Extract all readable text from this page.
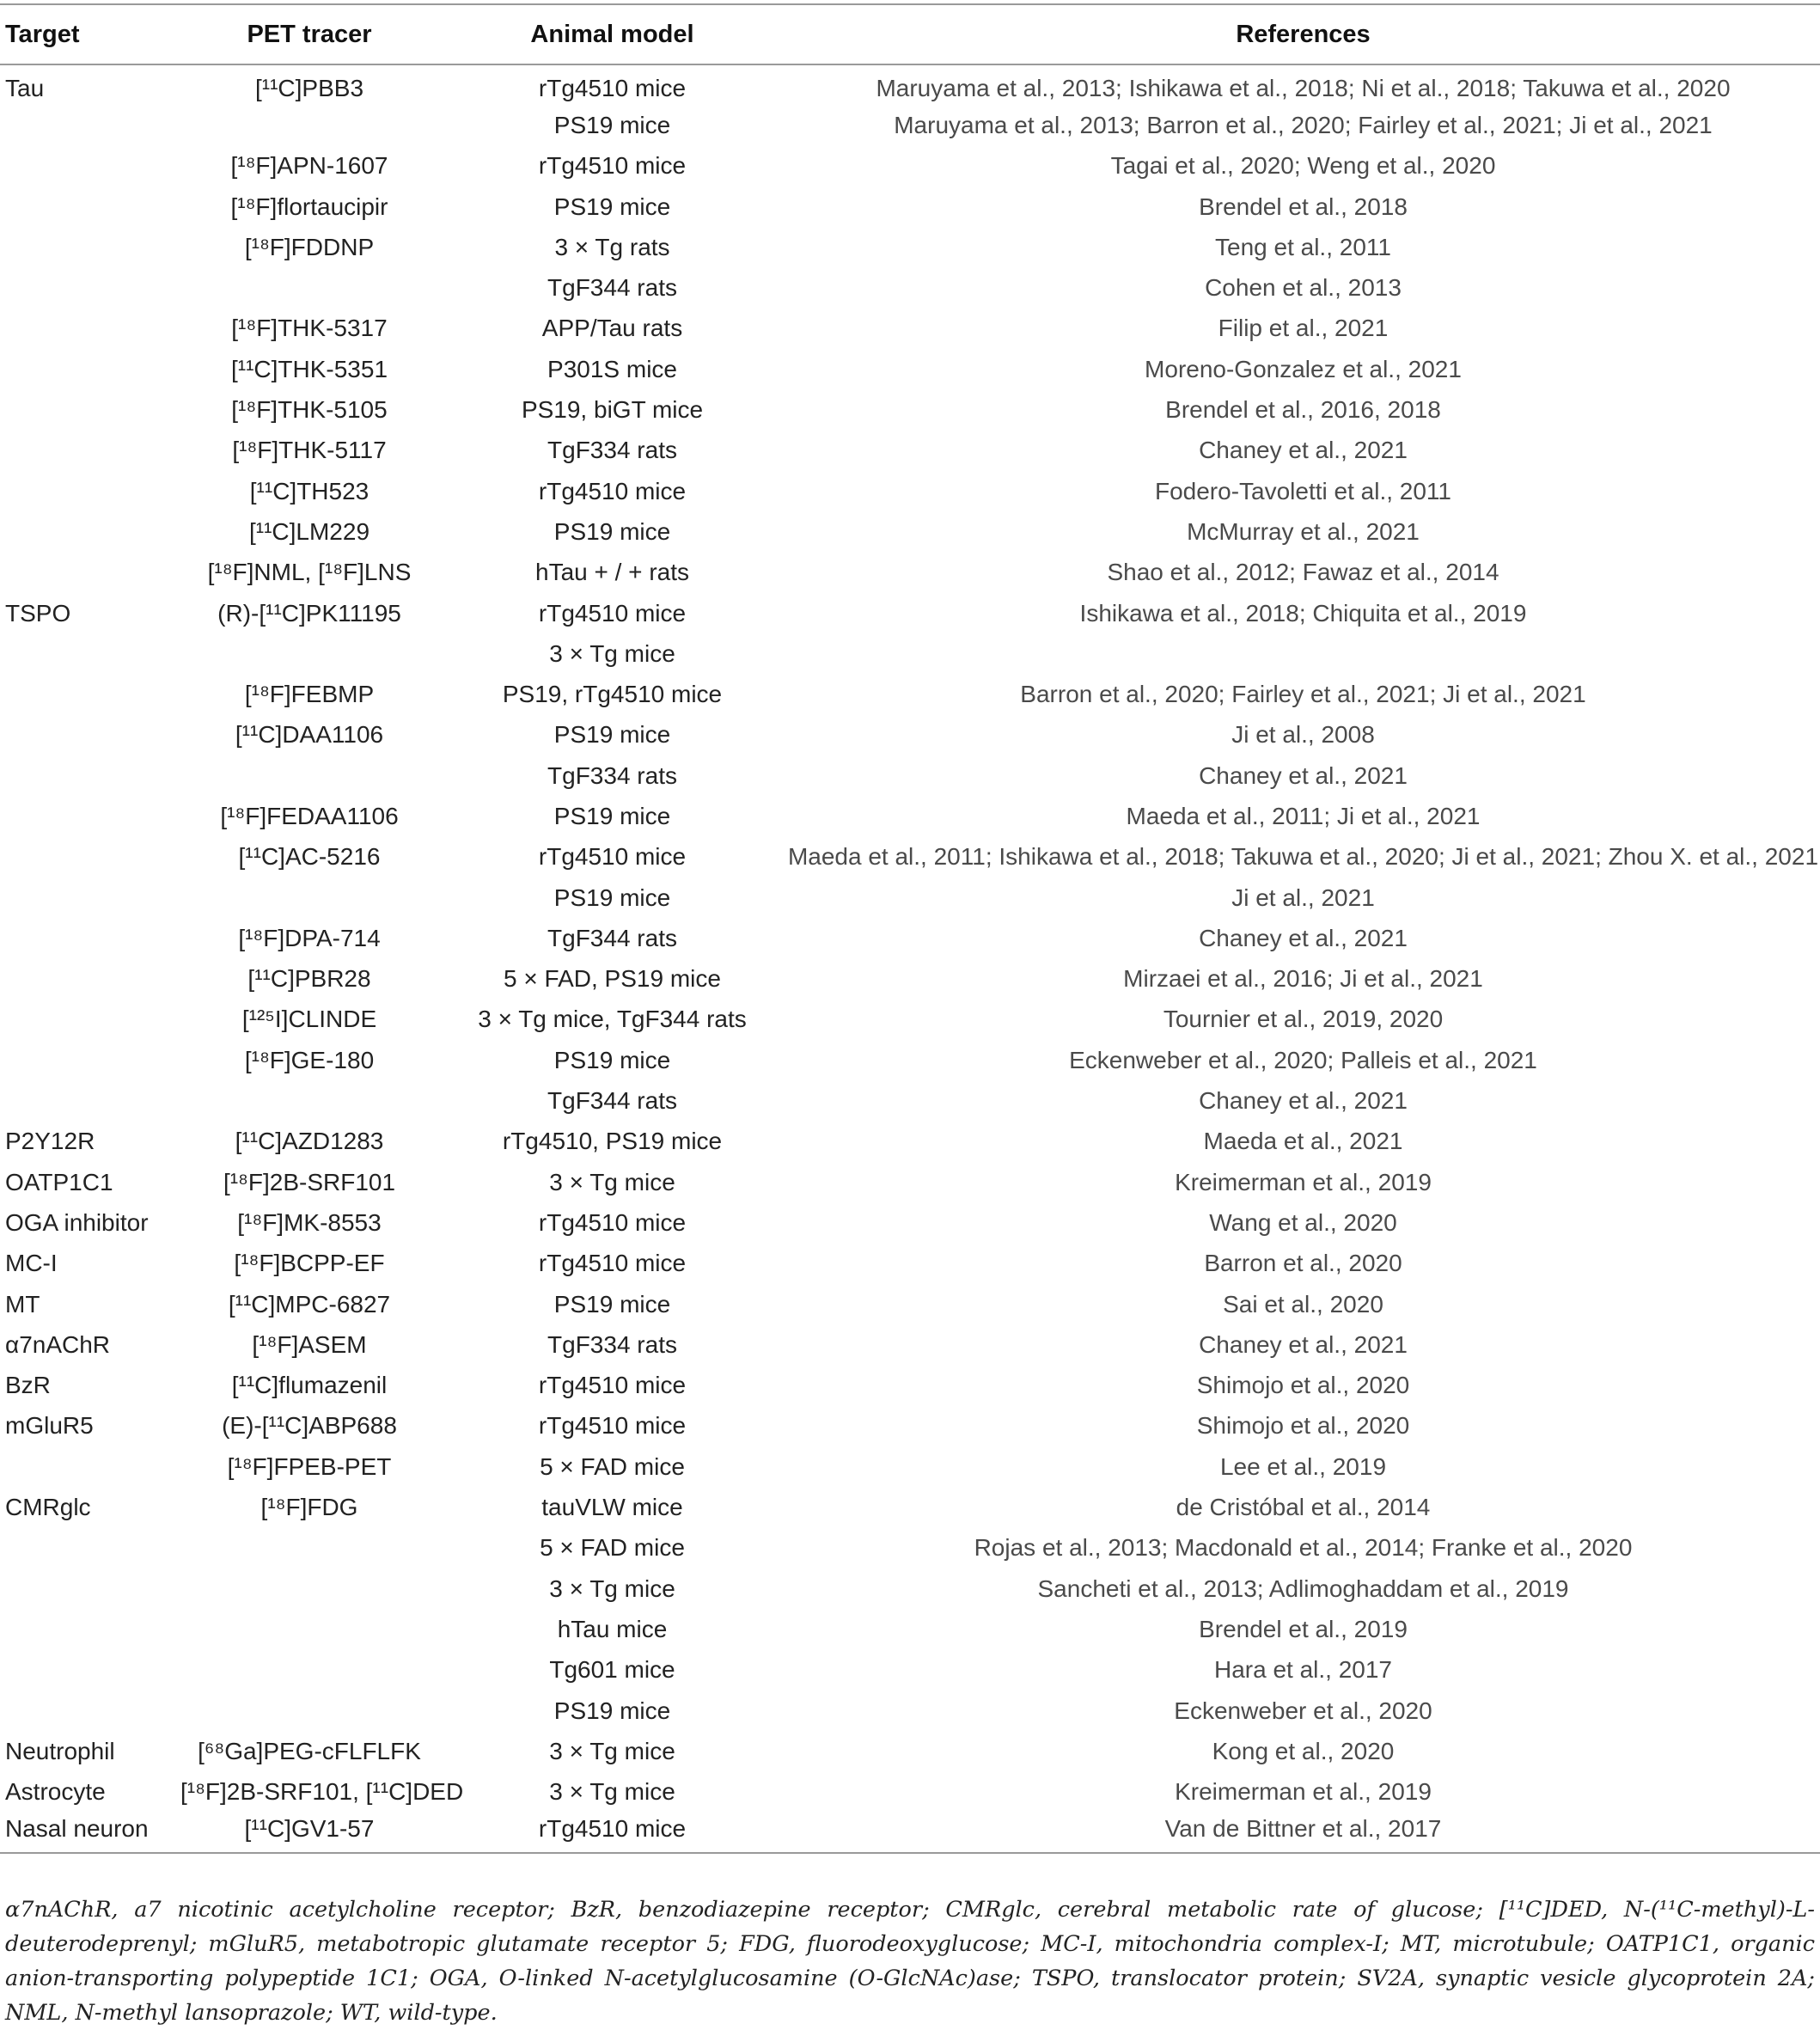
Target	PET tracer	Animal model	References
Tau	[¹¹C]PBB3	rTg4510 mice	Maruyama et al., 2013; Ishikawa et al., 2018; Ni et al., 2018; Takuwa et al., 2020
		PS19 mice	Maruyama et al., 2013; Barron et al., 2020; Fairley et al., 2021; Ji et al., 2021
	[¹⁸F]APN-1607	rTg4510 mice	Tagai et al., 2020; Weng et al., 2020
	[¹⁸F]flortaucipir	PS19 mice	Brendel et al., 2018
	[¹⁸F]FDDNP	3 × Tg rats	Teng et al., 2011
		TgF344 rats	Cohen et al., 2013
	[¹⁸F]THK-5317	APP/Tau rats	Filip et al., 2021
	[¹¹C]THK-5351	P301S mice	Moreno-Gonzalez et al., 2021
	[¹⁸F]THK-5105	PS19, biGT mice	Brendel et al., 2016, 2018
	[¹⁸F]THK-5117	TgF334 rats	Chaney et al., 2021
	[¹¹C]TH523	rTg4510 mice	Fodero-Tavoletti et al., 2011
	[¹¹C]LM229	PS19 mice	McMurray et al., 2021
	[¹⁸F]NML, [¹⁸F]LNS	hTau + / + rats	Shao et al., 2012; Fawaz et al., 2014
TSPO	(R)-[¹¹C]PK11195	rTg4510 mice	Ishikawa et al., 2018; Chiquita et al., 2019
		3 × Tg mice	
	[¹⁸F]FEBMP	PS19, rTg4510 mice	Barron et al., 2020; Fairley et al., 2021; Ji et al., 2021
	[¹¹C]DAA1106	PS19 mice	Ji et al., 2008
		TgF334 rats	Chaney et al., 2021
	[¹⁸F]FEDAA1106	PS19 mice	Maeda et al., 2011; Ji et al., 2021
	[¹¹C]AC-5216	rTg4510 mice	Maeda et al., 2011; Ishikawa et al., 2018; Takuwa et al., 2020; Ji et al., 2021; Zhou X. et al., 2021
		PS19 mice	Ji et al., 2021
	[¹⁸F]DPA-714	TgF344 rats	Chaney et al., 2021
	[¹¹C]PBR28	5 × FAD, PS19 mice	Mirzaei et al., 2016; Ji et al., 2021
	[¹²⁵I]CLINDE	3 × Tg mice, TgF344 rats	Tournier et al., 2019, 2020
	[¹⁸F]GE-180	PS19 mice	Eckenweber et al., 2020; Palleis et al., 2021
		TgF344 rats	Chaney et al., 2021
P2Y12R	[¹¹C]AZD1283	rTg4510, PS19 mice	Maeda et al., 2021
OATP1C1	[¹⁸F]2B-SRF101	3 × Tg mice	Kreimerman et al., 2019
OGA inhibitor	[¹⁸F]MK-8553	rTg4510 mice	Wang et al., 2020
MC-I	[¹⁸F]BCPP-EF	rTg4510 mice	Barron et al., 2020
MT	[¹¹C]MPC-6827	PS19 mice	Sai et al., 2020
α7nAChR	[¹⁸F]ASEM	TgF334 rats	Chaney et al., 2021
BzR	[¹¹C]flumazenil	rTg4510 mice	Shimojo et al., 2020
mGluR5	(E)-[¹¹C]ABP688	rTg4510 mice	Shimojo et al., 2020
	[¹⁸F]FPEB-PET	5 × FAD mice	Lee et al., 2019
CMRglc	[¹⁸F]FDG	tauVLW mice	de Cristóbal et al., 2014
		5 × FAD mice	Rojas et al., 2013; Macdonald et al., 2014; Franke et al., 2020
		3 × Tg mice	Sancheti et al., 2013; Adlimoghaddam et al., 2019
		hTau mice	Brendel et al., 2019
		Tg601 mice	Hara et al., 2017
		PS19 mice	Eckenweber et al., 2020
Neutrophil	[⁶⁸Ga]PEG-cFLFLFK	3 × Tg mice	Kong et al., 2020
Astrocyte	[¹⁸F]2B-SRF101, [¹¹C]DED	3 × Tg mice	Kreimerman et al., 2019
Nasal neuron	[¹¹C]GV1-57	rTg4510 mice	Van de Bittner et al., 2017

α7nAChR, a7 nicotinic acetylcholine receptor; BzR, benzodiazepine receptor; CMRglc, cerebral metabolic rate of glucose; [¹¹C]DED, N-(¹¹C-methyl)-L-deuterodeprenyl; mGluR5, metabotropic glutamate receptor 5; FDG, fluorodeoxyglucose; MC-I, mitochondria complex-I; MT, microtubule; OATP1C1, organic anion-transporting polypeptide 1C1; OGA, O-linked N-acetylglucosamine (O-GlcNAc)ase; TSPO, translocator protein; SV2A, synaptic vesicle glycoprotein 2A; NML, N-methyl lansoprazole; WT, wild-type.
